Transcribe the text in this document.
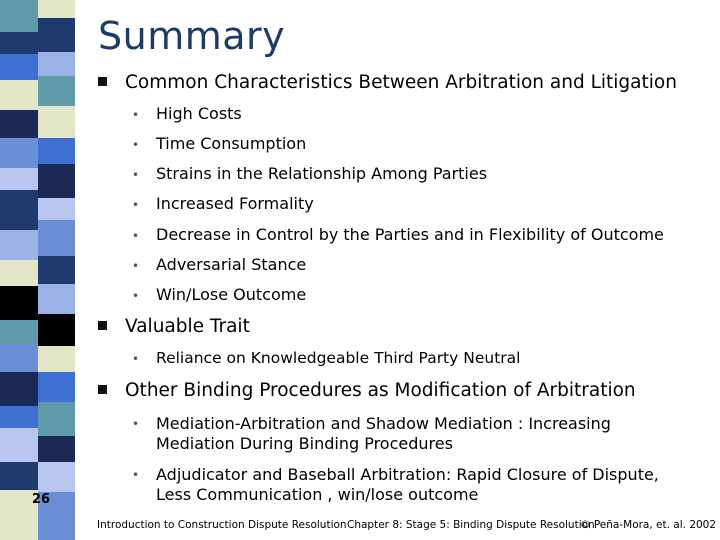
Summary
Common Characteristics Between Arbitration and Litigation
• High Costs
• Time Consumption
• Strains in the Relationship Among Parties
• Increased Formality
• Decrease in Control by the Parties and in Flexibility of Outcome
• Adversarial Stance
• Win/Lose Outcome
Valuable Trait
• Reliance on Knowledgeable Third Party Neutral
Other Binding Procedures as Modification of Arbitration
• Mediation-Arbitration and Shadow Mediation : Increasing
Mediation During Binding Procedures
• Adjudicator and Baseball Arbitration: Rapid Closure of Dispute,
Less Communication , win/lose outcome
26
Introduction to Construction Dispute Resolution Chapter 8: Stage 5: Binding Dispute Resolution
© Peña-Mora, et. al. 2002
